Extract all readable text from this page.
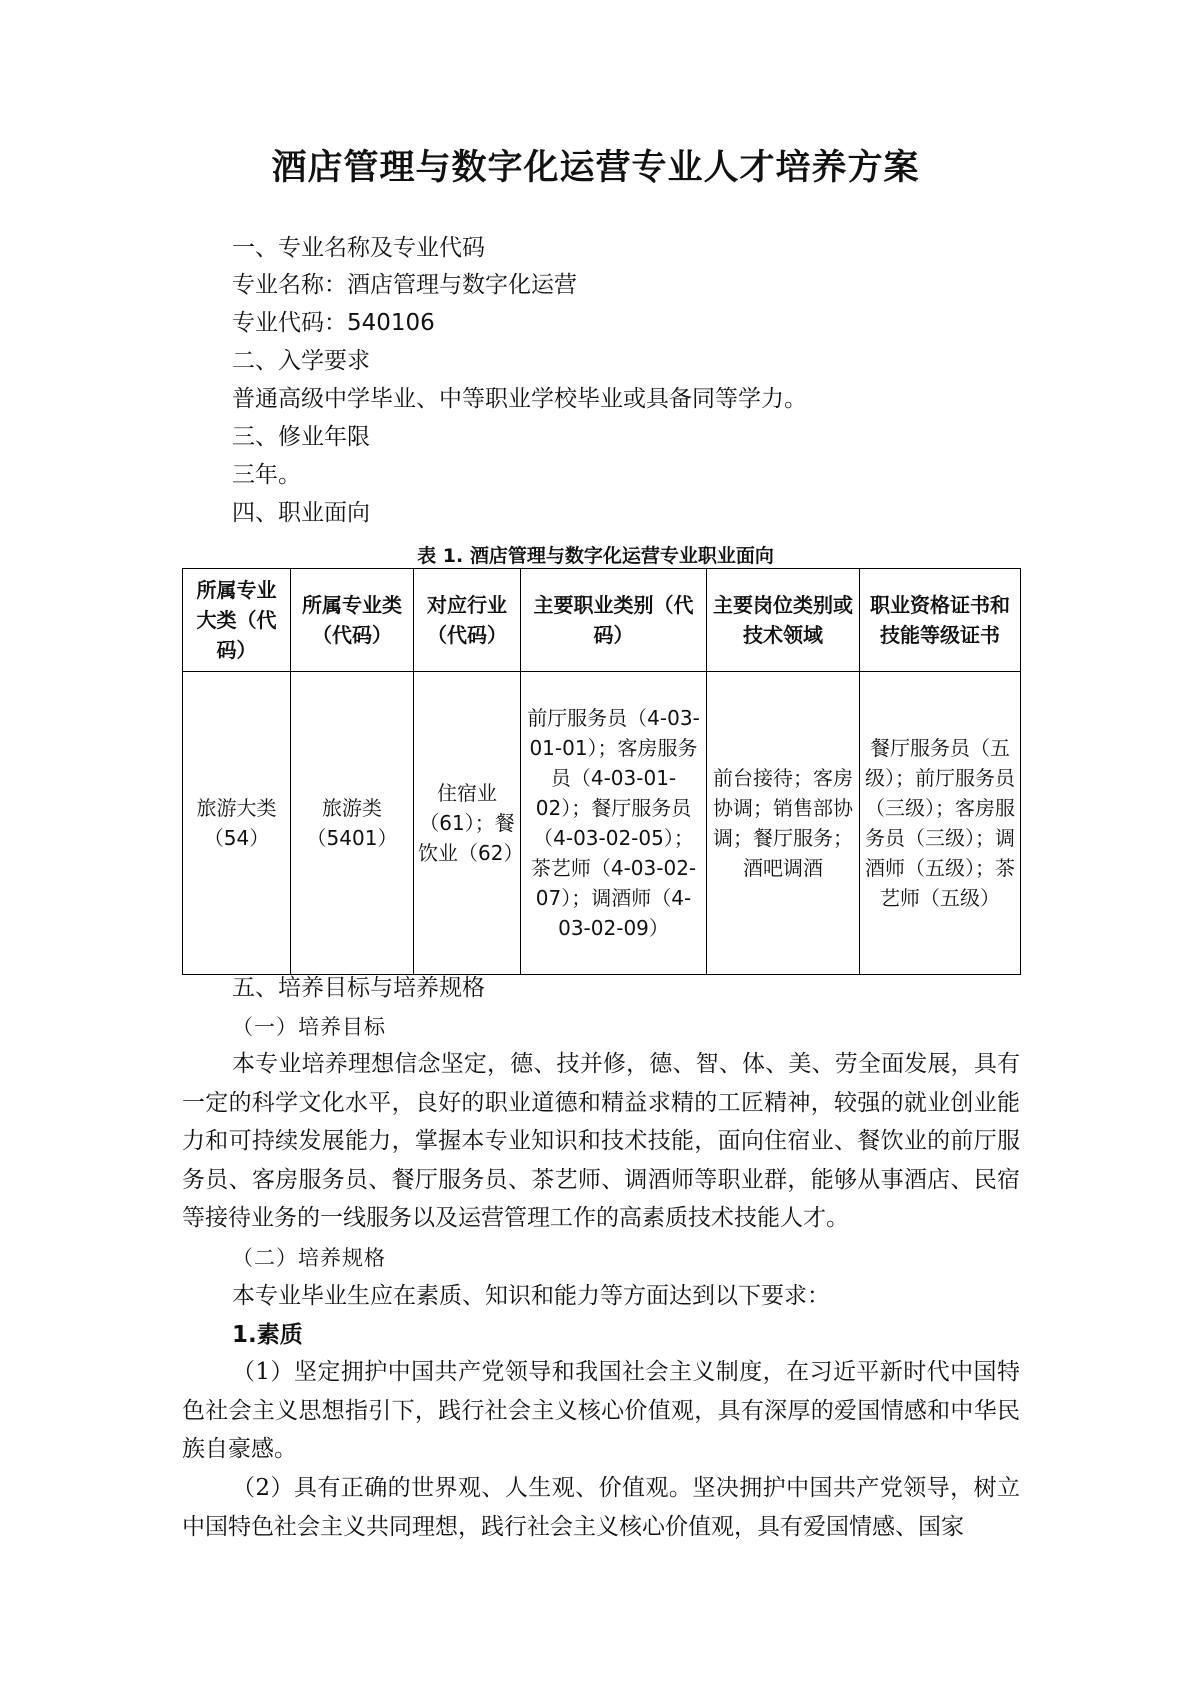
酒店管理与数字化运营专业人才培养方案
一、专业名称及专业代码
专业名称：酒店管理与数字化运营
专业代码：540106
二、入学要求
普通高级中学毕业、中等职业学校毕业或具备同等学力。
三、修业年限
三年。
四、职业面向
表 1. 酒店管理与数字化运营专业职业面向
所属专业大类（代码）	所属专业类（代码）	对应行业（代码）	主要职业类别（代码）	主要岗位类别或技术领域	职业资格证书和技能等级证书
旅游大类（54）	旅游类（5401）	住宿业（61）；餐饮业（62）	前厅服务员（4-03-01-01）；客房服务员（4-03-01-02）；餐厅服务员（4-03-02-05）；茶艺师（4-03-02-07）；调酒师（4-03-02-09）	前台接待；客房协调；销售部协调；餐厅服务；酒吧调酒	餐厅服务员（五级）；前厅服务员（三级）；客房服务员（三级）；调酒师（五级）；茶艺师（五级）
五、培养目标与培养规格
（一）培养目标
本专业培养理想信念坚定，德、技并修，德、智、体、美、劳全面发展，具有一定的科学文化水平，良好的职业道德和精益求精的工匠精神，较强的就业创业能力和可持续发展能力，掌握本专业知识和技术技能，面向住宿业、餐饮业的前厅服务员、客房服务员、餐厅服务员、茶艺师、调酒师等职业群，能够从事酒店、民宿等接待业务的一线服务以及运营管理工作的高素质技术技能人才。
（二）培养规格
本专业毕业生应在素质、知识和能力等方面达到以下要求：
1.素质
（1）坚定拥护中国共产党领导和我国社会主义制度，在习近平新时代中国特色社会主义思想指引下，践行社会主义核心价值观，具有深厚的爱国情感和中华民族自豪感。
（2）具有正确的世界观、人生观、价值观。坚决拥护中国共产党领导，树立中国特色社会主义共同理想，践行社会主义核心价值观，具有爱国情感、国家
